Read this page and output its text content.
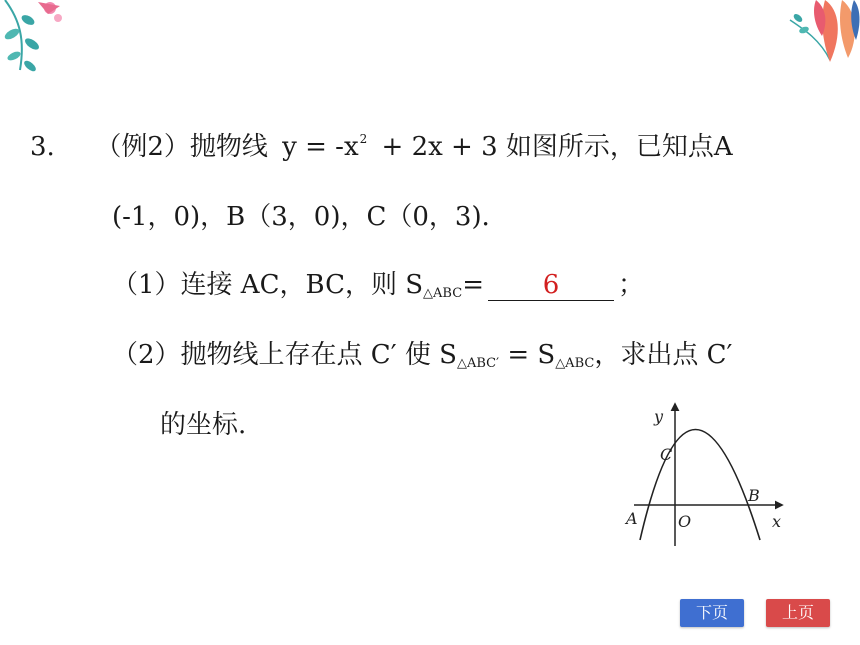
3. （例2）抛物线 $y = -x^2 + 2x + 3$ 如图所示，已知点A
(-1，0)，B（3，0)，C（0，3)．
（1）连接 AC，BC，则 S△ABC= 6 ；
（2）抛物线上存在点 C′ 使 S△ABC′ = S△ABC，求出点 C′
的坐标.	y
x
O
A
B
C
下页	上页
